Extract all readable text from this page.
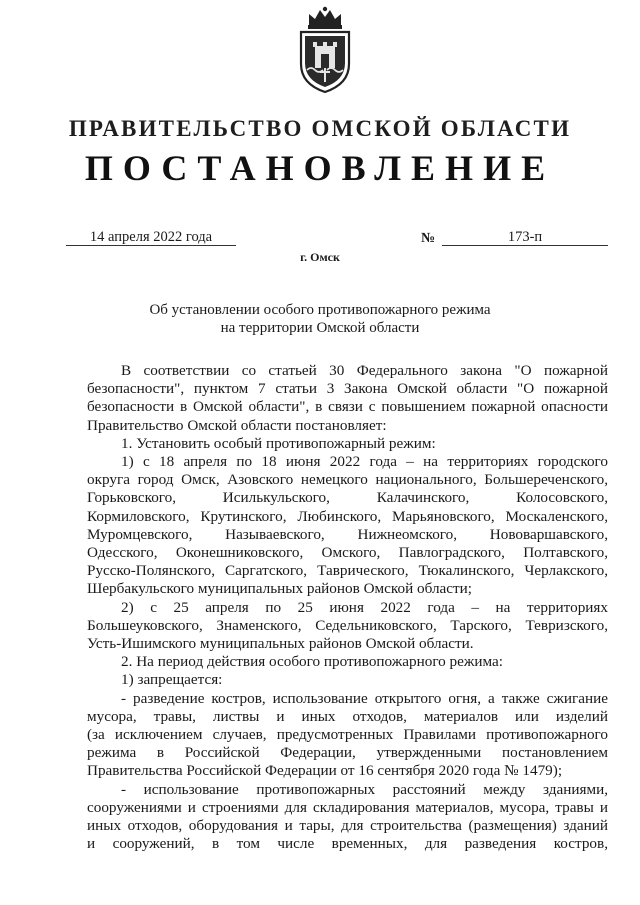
ПРАВИТЕЛЬСТВО ОМСКОЙ ОБЛАСТИ
ПОСТАНОВЛЕНИЕ
14 апреля 2022 года	№	173-п
г. Омск
Об установлении особого противопожарного режима
на территории Омской области
В соответствии со статьей 30 Федерального закона "О пожарной
безопасности", пунктом 7 статьи 3 Закона Омской области "О пожарной
безопасности в Омской области", в связи с повышением пожарной опасности
Правительство Омской области постановляет:
1. Установить особый противопожарный режим:
1) с 18 апреля по 18 июня 2022 года – на территориях городского
округа город Омск, Азовского немецкого национального, Большереченского,
Горьковского, Исилькульского, Калачинского, Колосовского,
Кормиловского, Крутинского, Любинского, Марьяновского, Москаленского,
Муромцевского, Называевского, Нижнеомского, Нововаршавского,
Одесского, Оконешниковского, Омского, Павлоградского, Полтавского,
Русско-Полянского, Саргатского, Таврического, Тюкалинского, Черлакского,
Шербакульского муниципальных районов Омской области;
2) с 25 апреля по 25 июня 2022 года – на территориях
Большеуковского, Знаменского, Седельниковского, Тарского, Тевризского,
Усть-Ишимского муниципальных районов Омской области.
2. На период действия особого противопожарного режима:
1) запрещается:
- разведение костров, использование открытого огня, а также сжигание
мусора, травы, листвы и иных отходов, материалов или изделий
(за исключением случаев, предусмотренных Правилами противопожарного
режима в Российской Федерации, утвержденными постановлением
Правительства Российской Федерации от 16 сентября 2020 года № 1479);
- использование противопожарных расстояний между зданиями,
сооружениями и строениями для складирования материалов, мусора, травы и
иных отходов, оборудования и тары, для строительства (размещения) зданий
и сооружений, в том числе временных, для разведения костров,
